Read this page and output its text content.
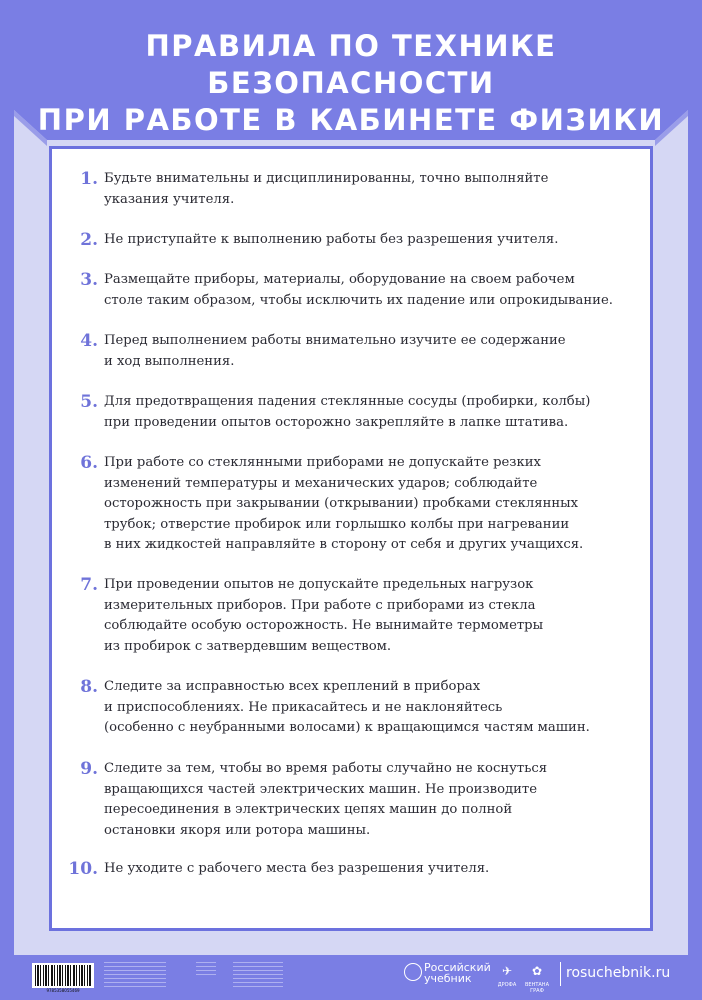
ПРАВИЛА ПО ТЕХНИКЕ БЕЗОПАСНОСТИ
ПРИ РАБОТЕ В КАБИНЕТЕ ФИЗИКИ
1. Будьте внимательны и дисциплинированны, точно выполняйте
указания учителя.
2. Не приступайте к выполнению работы без разрешения учителя.
3. Размещайте приборы, материалы, оборудование на своем рабочем
столе таким образом, чтобы исключить их падение или опрокидывание.
4. Перед выполнением работы внимательно изучите ее содержание
и ход выполнения.
5. Для предотвращения падения стеклянные сосуды (пробирки, колбы)
при проведении опытов осторожно закрепляйте в лапке штатива.
6. При работе со стеклянными приборами не допускайте резких
изменений температуры и механических ударов; соблюдайте
осторожность при закрывании (открывании) пробками стеклянных
трубок; отверстие пробирок или горлышко колбы при нагревании
в них жидкостей направляйте в сторону от себя и других учащихся.
7. При проведении опытов не допускайте предельных нагрузок
измерительных приборов. При работе с приборами из стекла
соблюдайте особую осторожность. Не вынимайте термометры
из пробирок с затвердевшим веществом.
8. Следите за исправностью всех креплений в приборах
и приспособлениях. Не прикасайтесь и не наклоняйтесь
(особенно с неубранными волосами) к вращающимся частям машин.
9. Следите за тем, чтобы во время работы случайно не коснуться
вращающихся частей электрических машин. Не производите
пересоединения в электрических цепях машин до полной
остановки якоря или ротора машины.
10. Не уходите с рабочего места без разрешения учителя.
9785358055469
Российский
учебник
✈
ДРОФА
✿
ВЕНТАНА ГРАФ
rosuchebnik.ru
